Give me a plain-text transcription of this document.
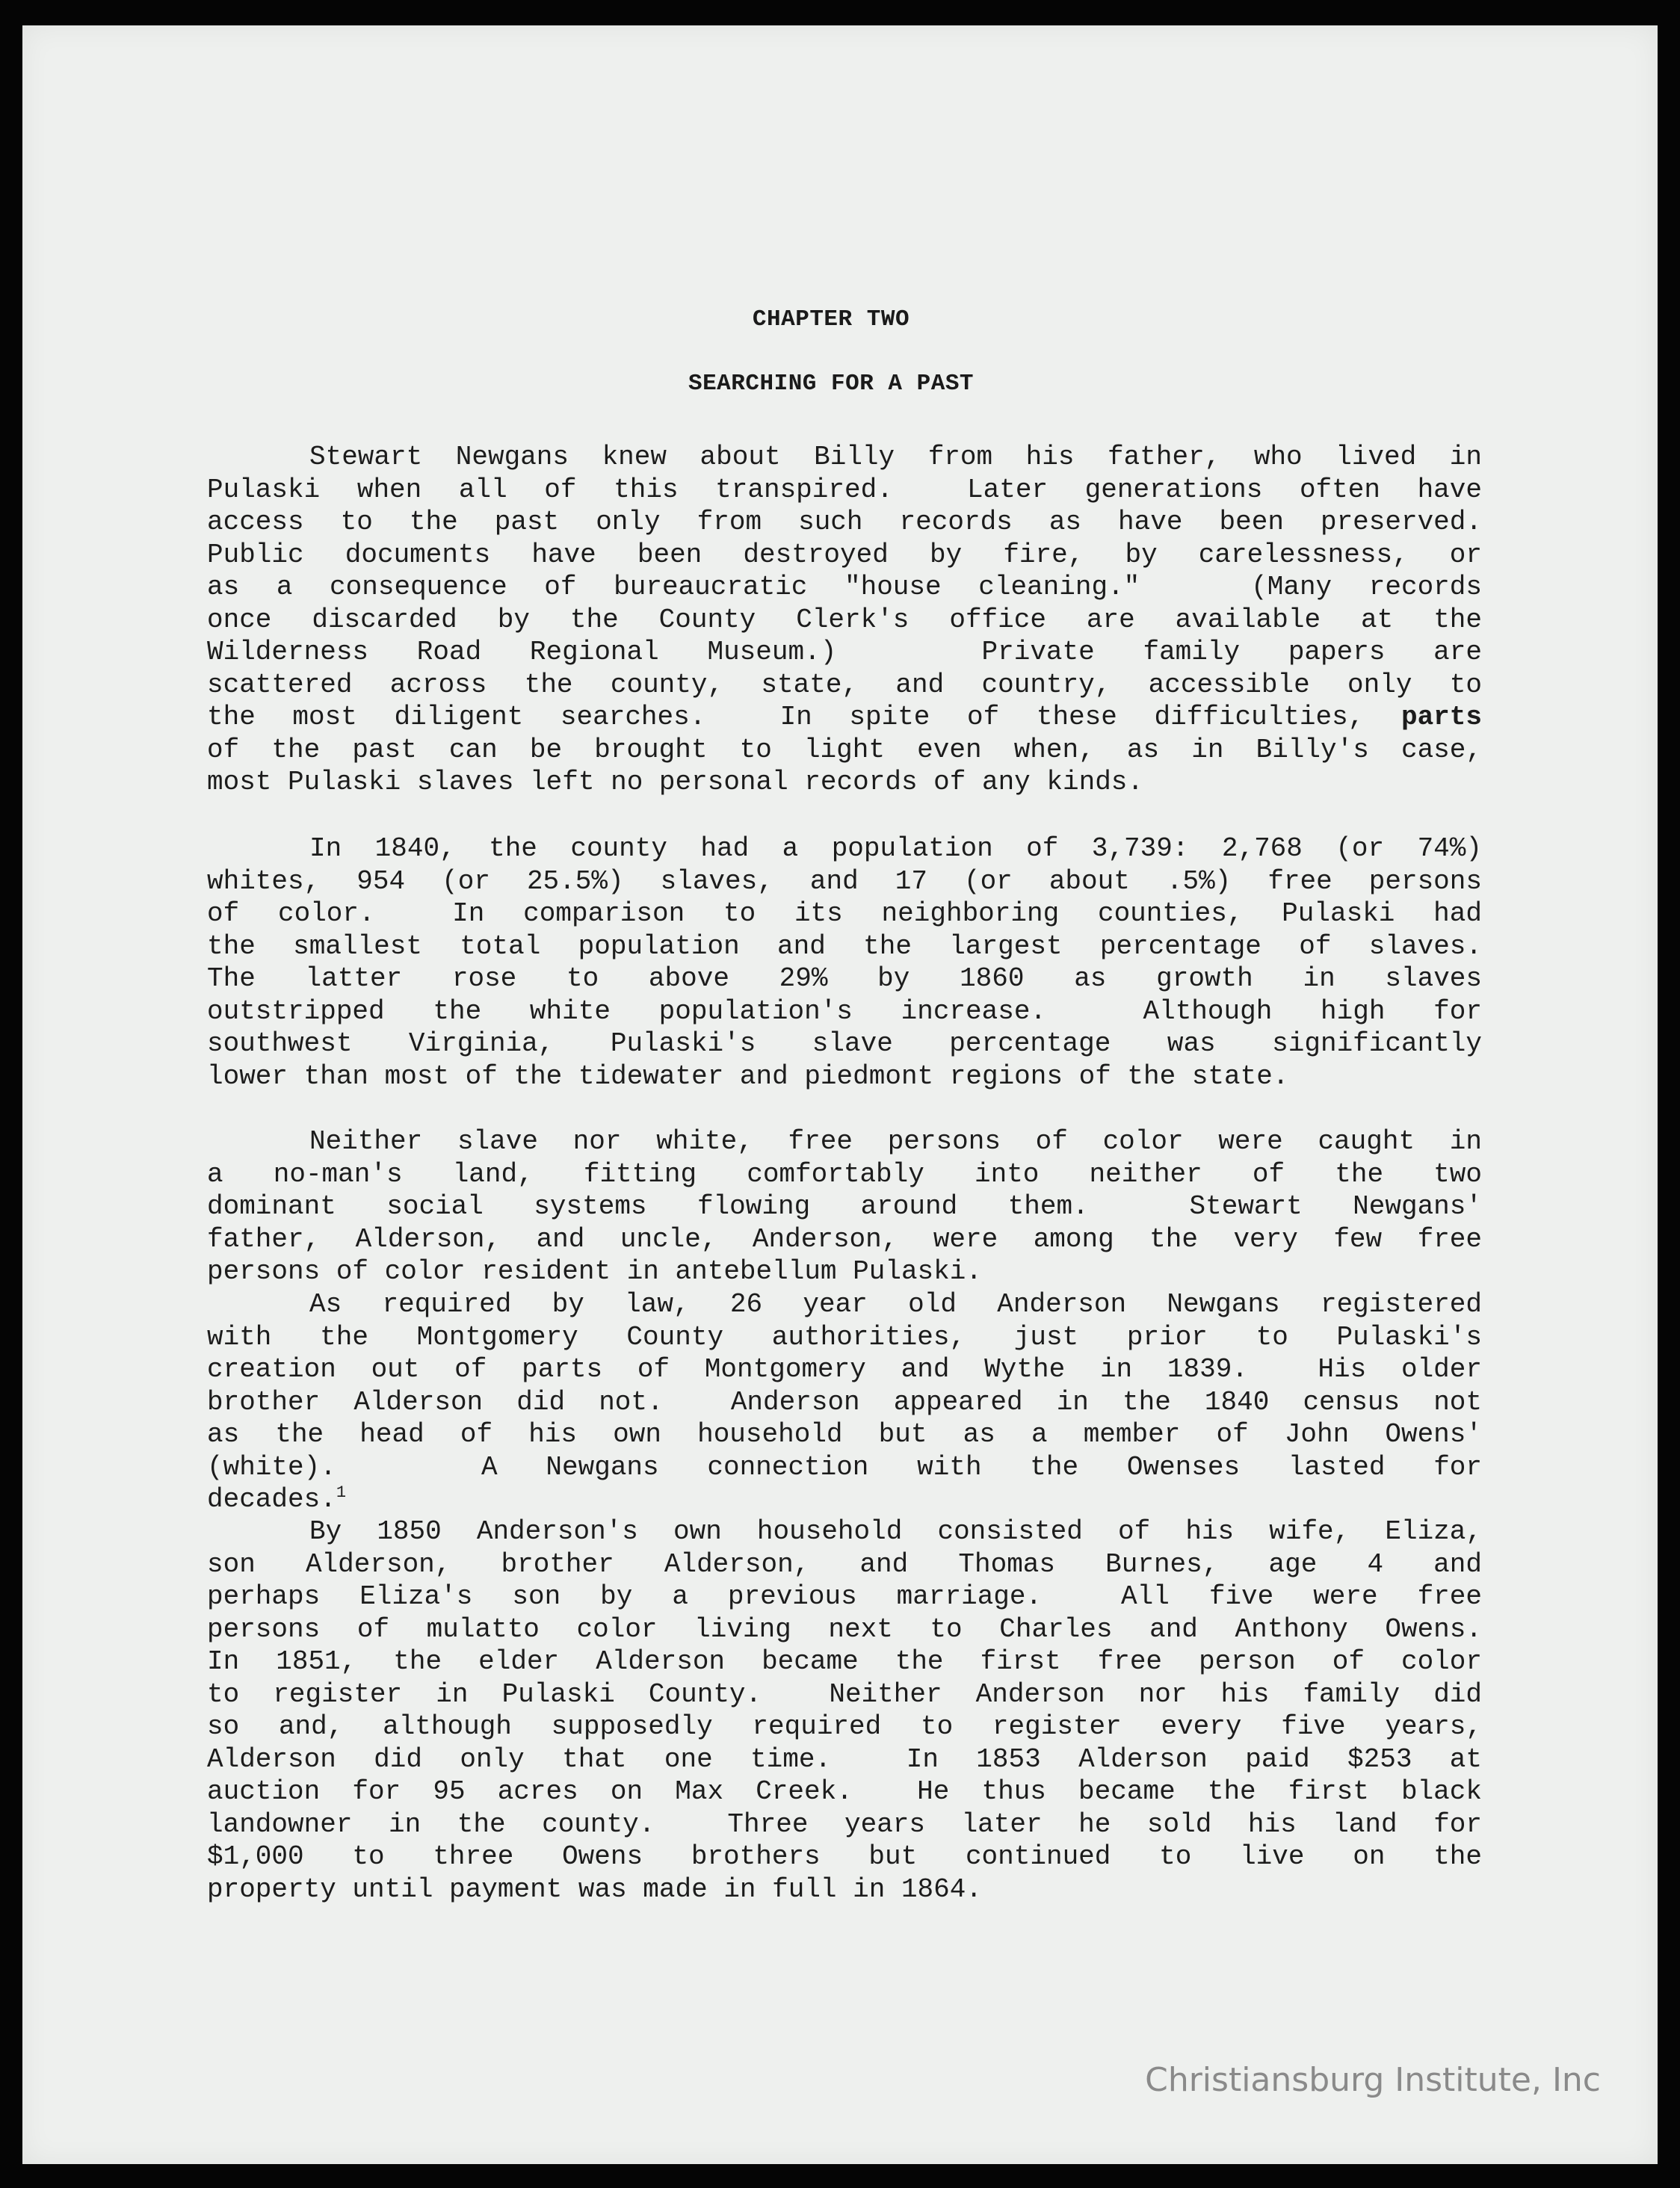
CHAPTER TWO
SEARCHING FOR A PAST
Stewart Newgans knew about Billy from his father, who lived in
Pulaski when all of this transpired.  Later generations often have
access to the past only from such records as have been preserved.
Public documents have been destroyed by fire, by carelessness, or
as a consequence of bureaucratic "house cleaning."   (Many records
once discarded by the County Clerk's office are available at the
Wilderness Road Regional Museum.)   Private family papers are
scattered across the county, state, and country, accessible only to
the most diligent searches.  In spite of these difficulties, parts
of the past can be brought to light even when, as in Billy's case,
most Pulaski slaves left no personal records of any kinds.
In 1840, the county had a population of 3,739: 2,768 (or 74%)
whites, 954 (or 25.5%) slaves, and 17 (or about .5%) free persons
of color.  In comparison to its neighboring counties, Pulaski had
the smallest total population and the largest percentage of slaves.
The latter rose to above 29% by 1860 as growth in slaves
outstripped the white population's increase.  Although high for
southwest Virginia, Pulaski's slave percentage was significantly
lower than most of the tidewater and piedmont regions of the state.
Neither slave nor white, free persons of color were caught in
a no-man's land, fitting comfortably into neither of the two
dominant social systems flowing around them.  Stewart Newgans'
father, Alderson, and uncle, Anderson, were among the very few free
persons of color resident in antebellum Pulaski.
As required by law, 26 year old Anderson Newgans registered
with the Montgomery County authorities, just prior to Pulaski's
creation out of parts of Montgomery and Wythe in 1839.  His older
brother Alderson did not.  Anderson appeared in the 1840 census not
as the head of his own household but as a member of John Owens'
(white).   A Newgans connection with the Owenses lasted for
decades.$^1$
By 1850 Anderson's own household consisted of his wife, Eliza,
son Alderson, brother Alderson, and Thomas Burnes, age 4 and
perhaps Eliza's son by a previous marriage.  All five were free
persons of mulatto color living next to Charles and Anthony Owens.
In 1851, the elder Alderson became the first free person of color
to register in Pulaski County.  Neither Anderson nor his family did
so and, although supposedly required to register every five years,
Alderson did only that one time.  In 1853 Alderson paid $253 at
auction for 95 acres on Max Creek.  He thus became the first black
landowner in the county.  Three years later he sold his land for
$1,000 to three Owens brothers but continued to live on the
property until payment was made in full in 1864.
Christiansburg Institute, Inc
